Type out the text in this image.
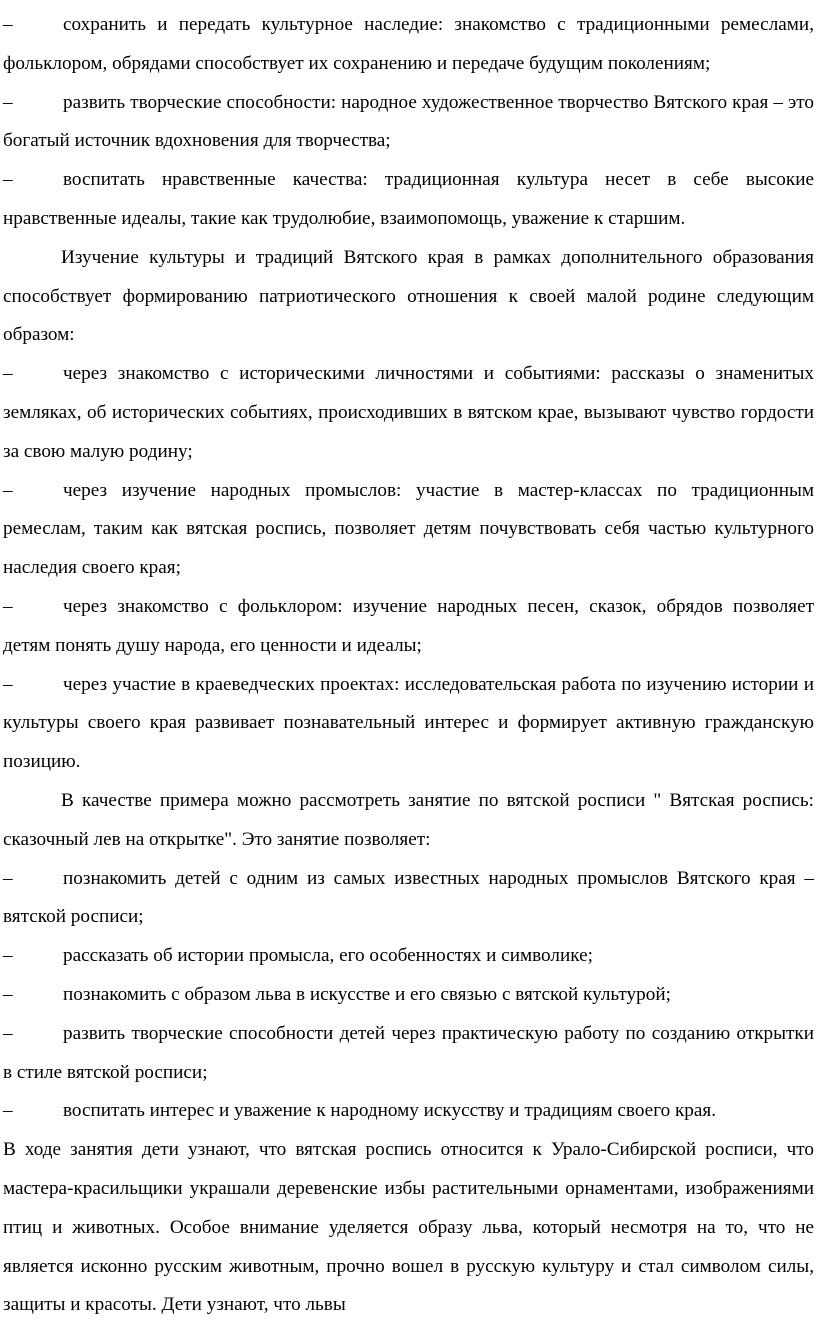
–	сохранить и передать культурное наследие: знакомство с традиционными ремеслами, фольклором, обрядами способствует их сохранению и передаче будущим поколениям;

–	развить творческие способности: народное художественное творчество Вятского края – это богатый источник вдохновения для творчества;

–	воспитать нравственные качества: традиционная культура несет в себе высокие нравственные идеалы, такие как трудолюбие, взаимопомощь, уважение к старшим.

Изучение культуры и традиций Вятского края в рамках дополнительного образования способствует формированию патриотического отношения к своей малой родине следующим образом:

–	через знакомство с историческими личностями и событиями: рассказы о знаменитых земляках, об исторических событиях, происходивших в вятском крае, вызывают чувство гордости за свою малую родину;

–	через изучение народных промыслов: участие в мастер-классах по традиционным ремеслам, таким как вятская роспись, позволяет детям почувствовать себя частью культурного наследия своего края;

–	через знакомство с фольклором: изучение народных песен, сказок, обрядов позволяет детям понять душу народа, его ценности и идеалы;

–	через участие в краеведческих проектах: исследовательская работа по изучению истории и культуры своего края развивает познавательный интерес и формирует активную гражданскую позицию.

В качестве примера можно рассмотреть занятие по вятской росписи " Вятская роспись: сказочный лев на открытке". Это занятие позволяет:

–	познакомить детей с одним из самых известных народных промыслов Вятского края – вятской росписи;

–	рассказать об истории промысла, его особенностях и символике;

–	познакомить с образом льва в искусстве и его связью с вятской культурой;

–	развить творческие способности детей через практическую работу по созданию открытки в стиле вятской росписи;

–	воспитать интерес и уважение к народному искусству и традициям своего края.

В ходе занятия дети узнают, что вятская роспись относится к Урало-Сибирской росписи, что мастера-красильщики украшали деревенские избы растительными орнаментами, изображениями птиц и животных. Особое внимание уделяется образу льва, который несмотря на то, что не является исконно русским животным, прочно вошел в русскую культуру и стал символом силы, защиты и красоты. Дети узнают, что львы
